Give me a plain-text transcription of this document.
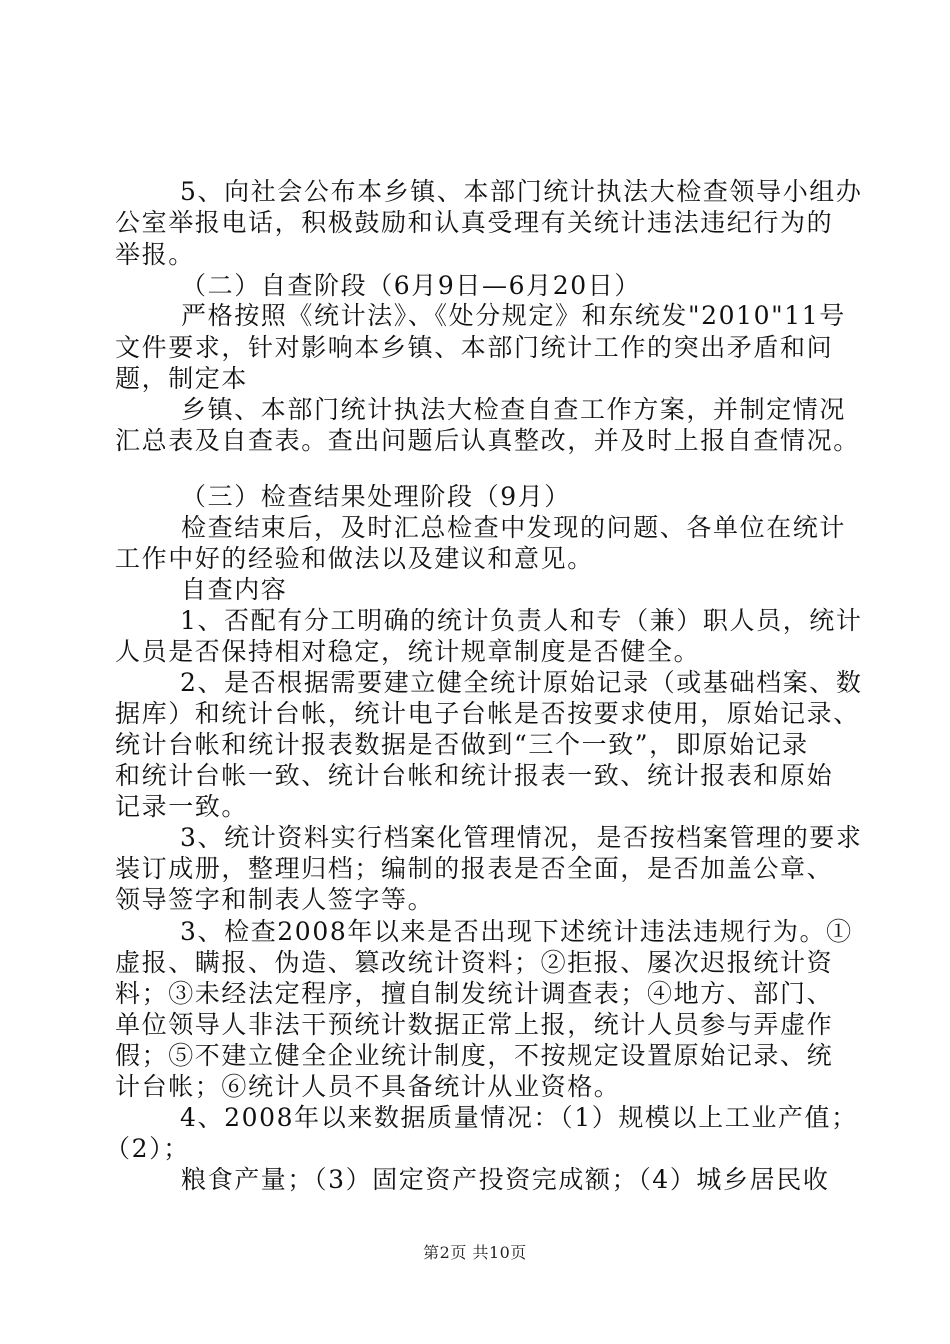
5、向社会公布本乡镇、本部门统计执法大检查领导小组办
公室举报电话，积极鼓励和认真受理有关统计违法违纪行为的
举报。
（二）自查阶段（6月9日—6月20日）
严格按照《统计法》、《处分规定》和东统发"2010"11号
文件要求，针对影响本乡镇、本部门统计工作的突出矛盾和问
题，制定本
乡镇、本部门统计执法大检查自查工作方案，并制定情况
汇总表及自查表。查出问题后认真整改，并及时上报自查情况。
（三）检查结果处理阶段（9月）
检查结束后，及时汇总检查中发现的问题、各单位在统计
工作中好的经验和做法以及建议和意见。
自查内容
1、否配有分工明确的统计负责人和专（兼）职人员，统计
人员是否保持相对稳定，统计规章制度是否健全。
2、是否根据需要建立健全统计原始记录（或基础档案、数
据库）和统计台帐，统计电子台帐是否按要求使用，原始记录、
统计台帐和统计报表数据是否做到“三个一致”，即原始记录
和统计台帐一致、统计台帐和统计报表一致、统计报表和原始
记录一致。
3、统计资料实行档案化管理情况，是否按档案管理的要求
装订成册，整理归档；编制的报表是否全面，是否加盖公章、
领导签字和制表人签字等。
3、检查2008年以来是否出现下述统计违法违规行为。①
虚报、瞒报、伪造、篡改统计资料；②拒报、屡次迟报统计资
料；③未经法定程序，擅自制发统计调查表；④地方、部门、
单位领导人非法干预统计数据正常上报，统计人员参与弄虚作
假；⑤不建立健全企业统计制度，不按规定设置原始记录、统
计台帐；⑥统计人员不具备统计从业资格。
4、2008年以来数据质量情况：（1）规模以上工业产值；
（2）；
粮食产量；（3）固定资产投资完成额；（4）城乡居民收
第2页 共10页
